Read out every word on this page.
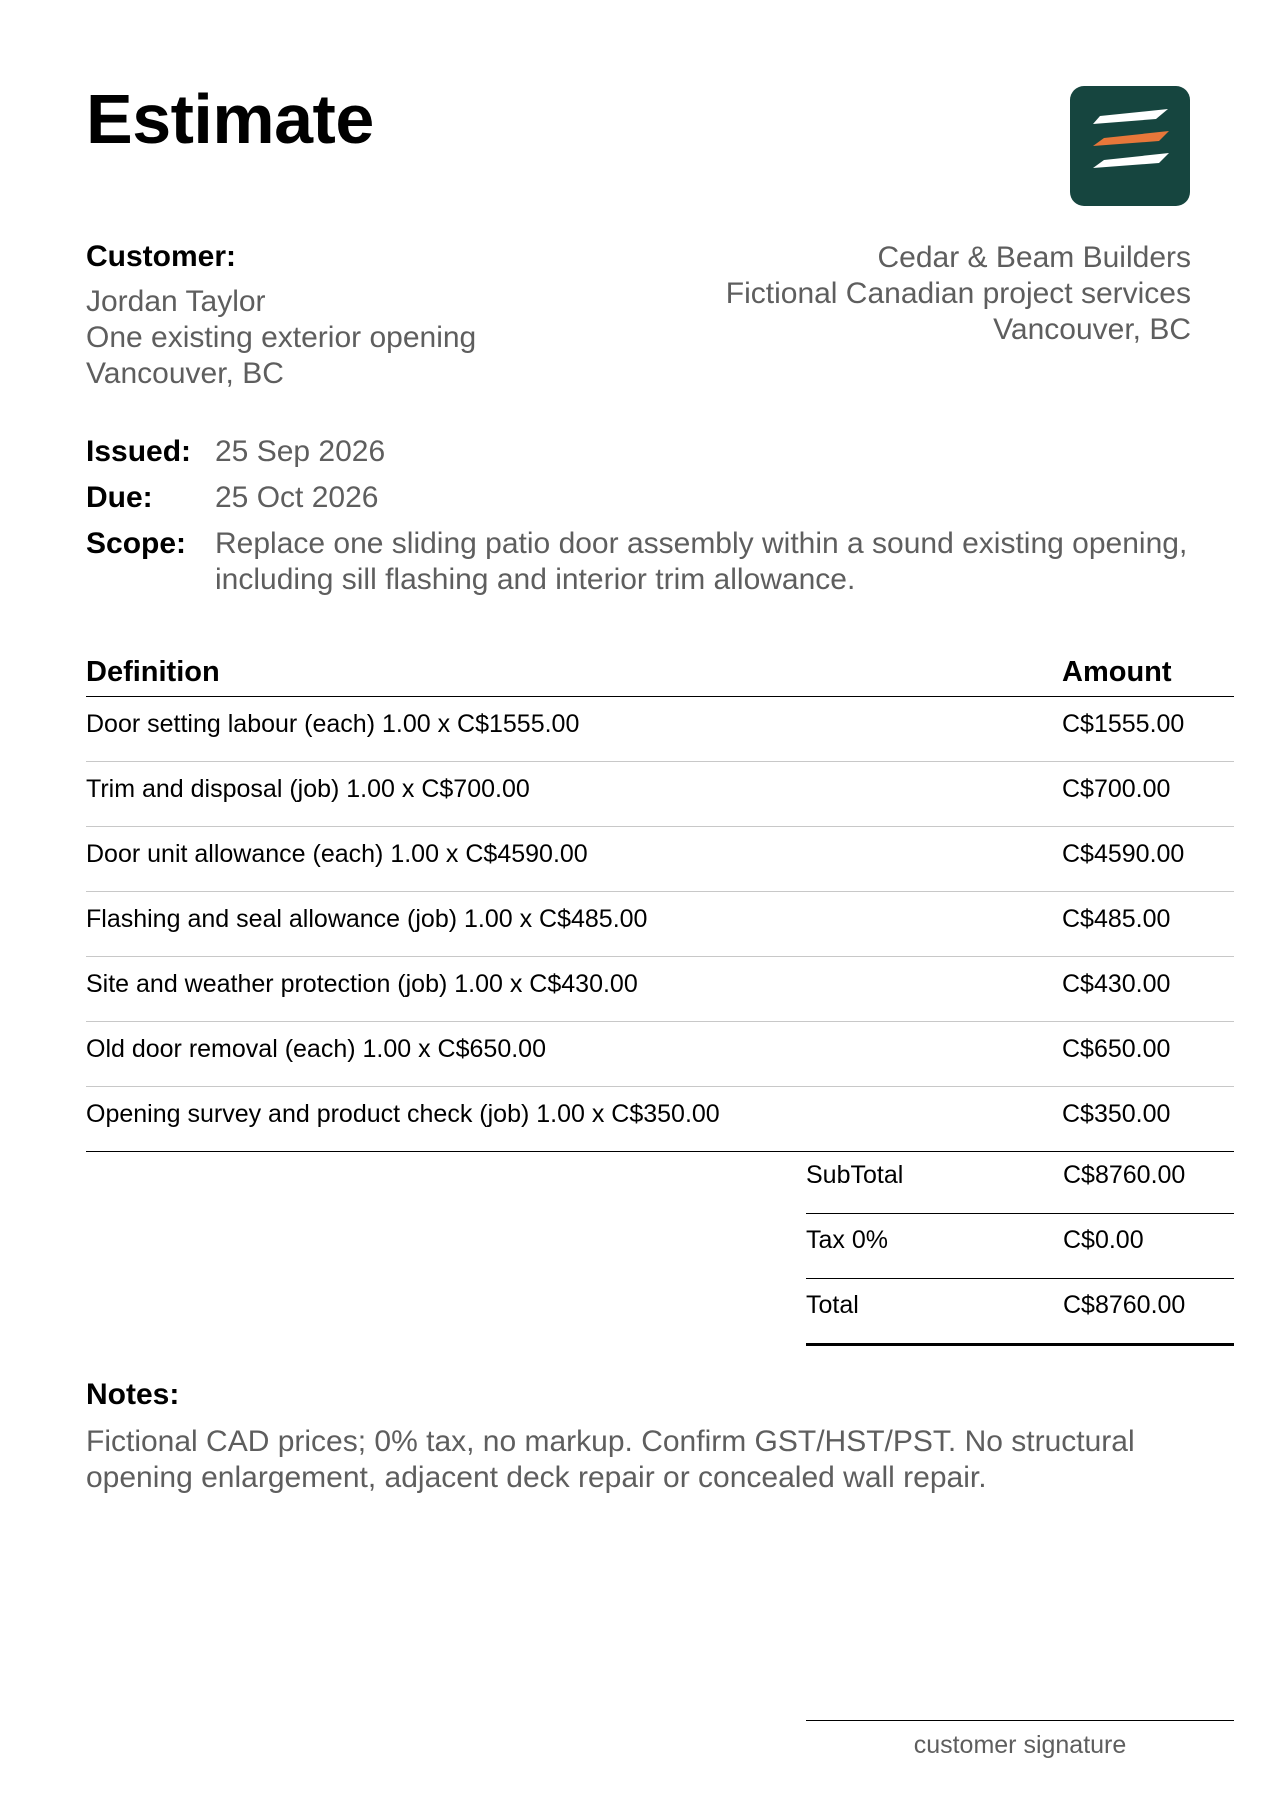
Estimate
Customer:
Jordan Taylor
One existing exterior opening
Vancouver, BC
Cedar & Beam Builders
Fictional Canadian project services
Vancouver, BC
Issued: 25 Sep 2026
Due: 25 Oct 2026
Scope: Replace one sliding patio door assembly within a sound existing opening, including sill flashing and interior trim allowance.
Definition	Amount
Door setting labour (each) 1.00 x C$1555.00	C$1555.00
Trim and disposal (job) 1.00 x C$700.00	C$700.00
Door unit allowance (each) 1.00 x C$4590.00	C$4590.00
Flashing and seal allowance (job) 1.00 x C$485.00	C$485.00
Site and weather protection (job) 1.00 x C$430.00	C$430.00
Old door removal (each) 1.00 x C$650.00	C$650.00
Opening survey and product check (job) 1.00 x C$350.00	C$350.00
SubTotal	C$8760.00
Tax 0%	C$0.00
Total	C$8760.00
Notes:
Fictional CAD prices; 0% tax, no markup. Confirm GST/HST/PST. No structural
opening enlargement, adjacent deck repair or concealed wall repair.
customer signature
